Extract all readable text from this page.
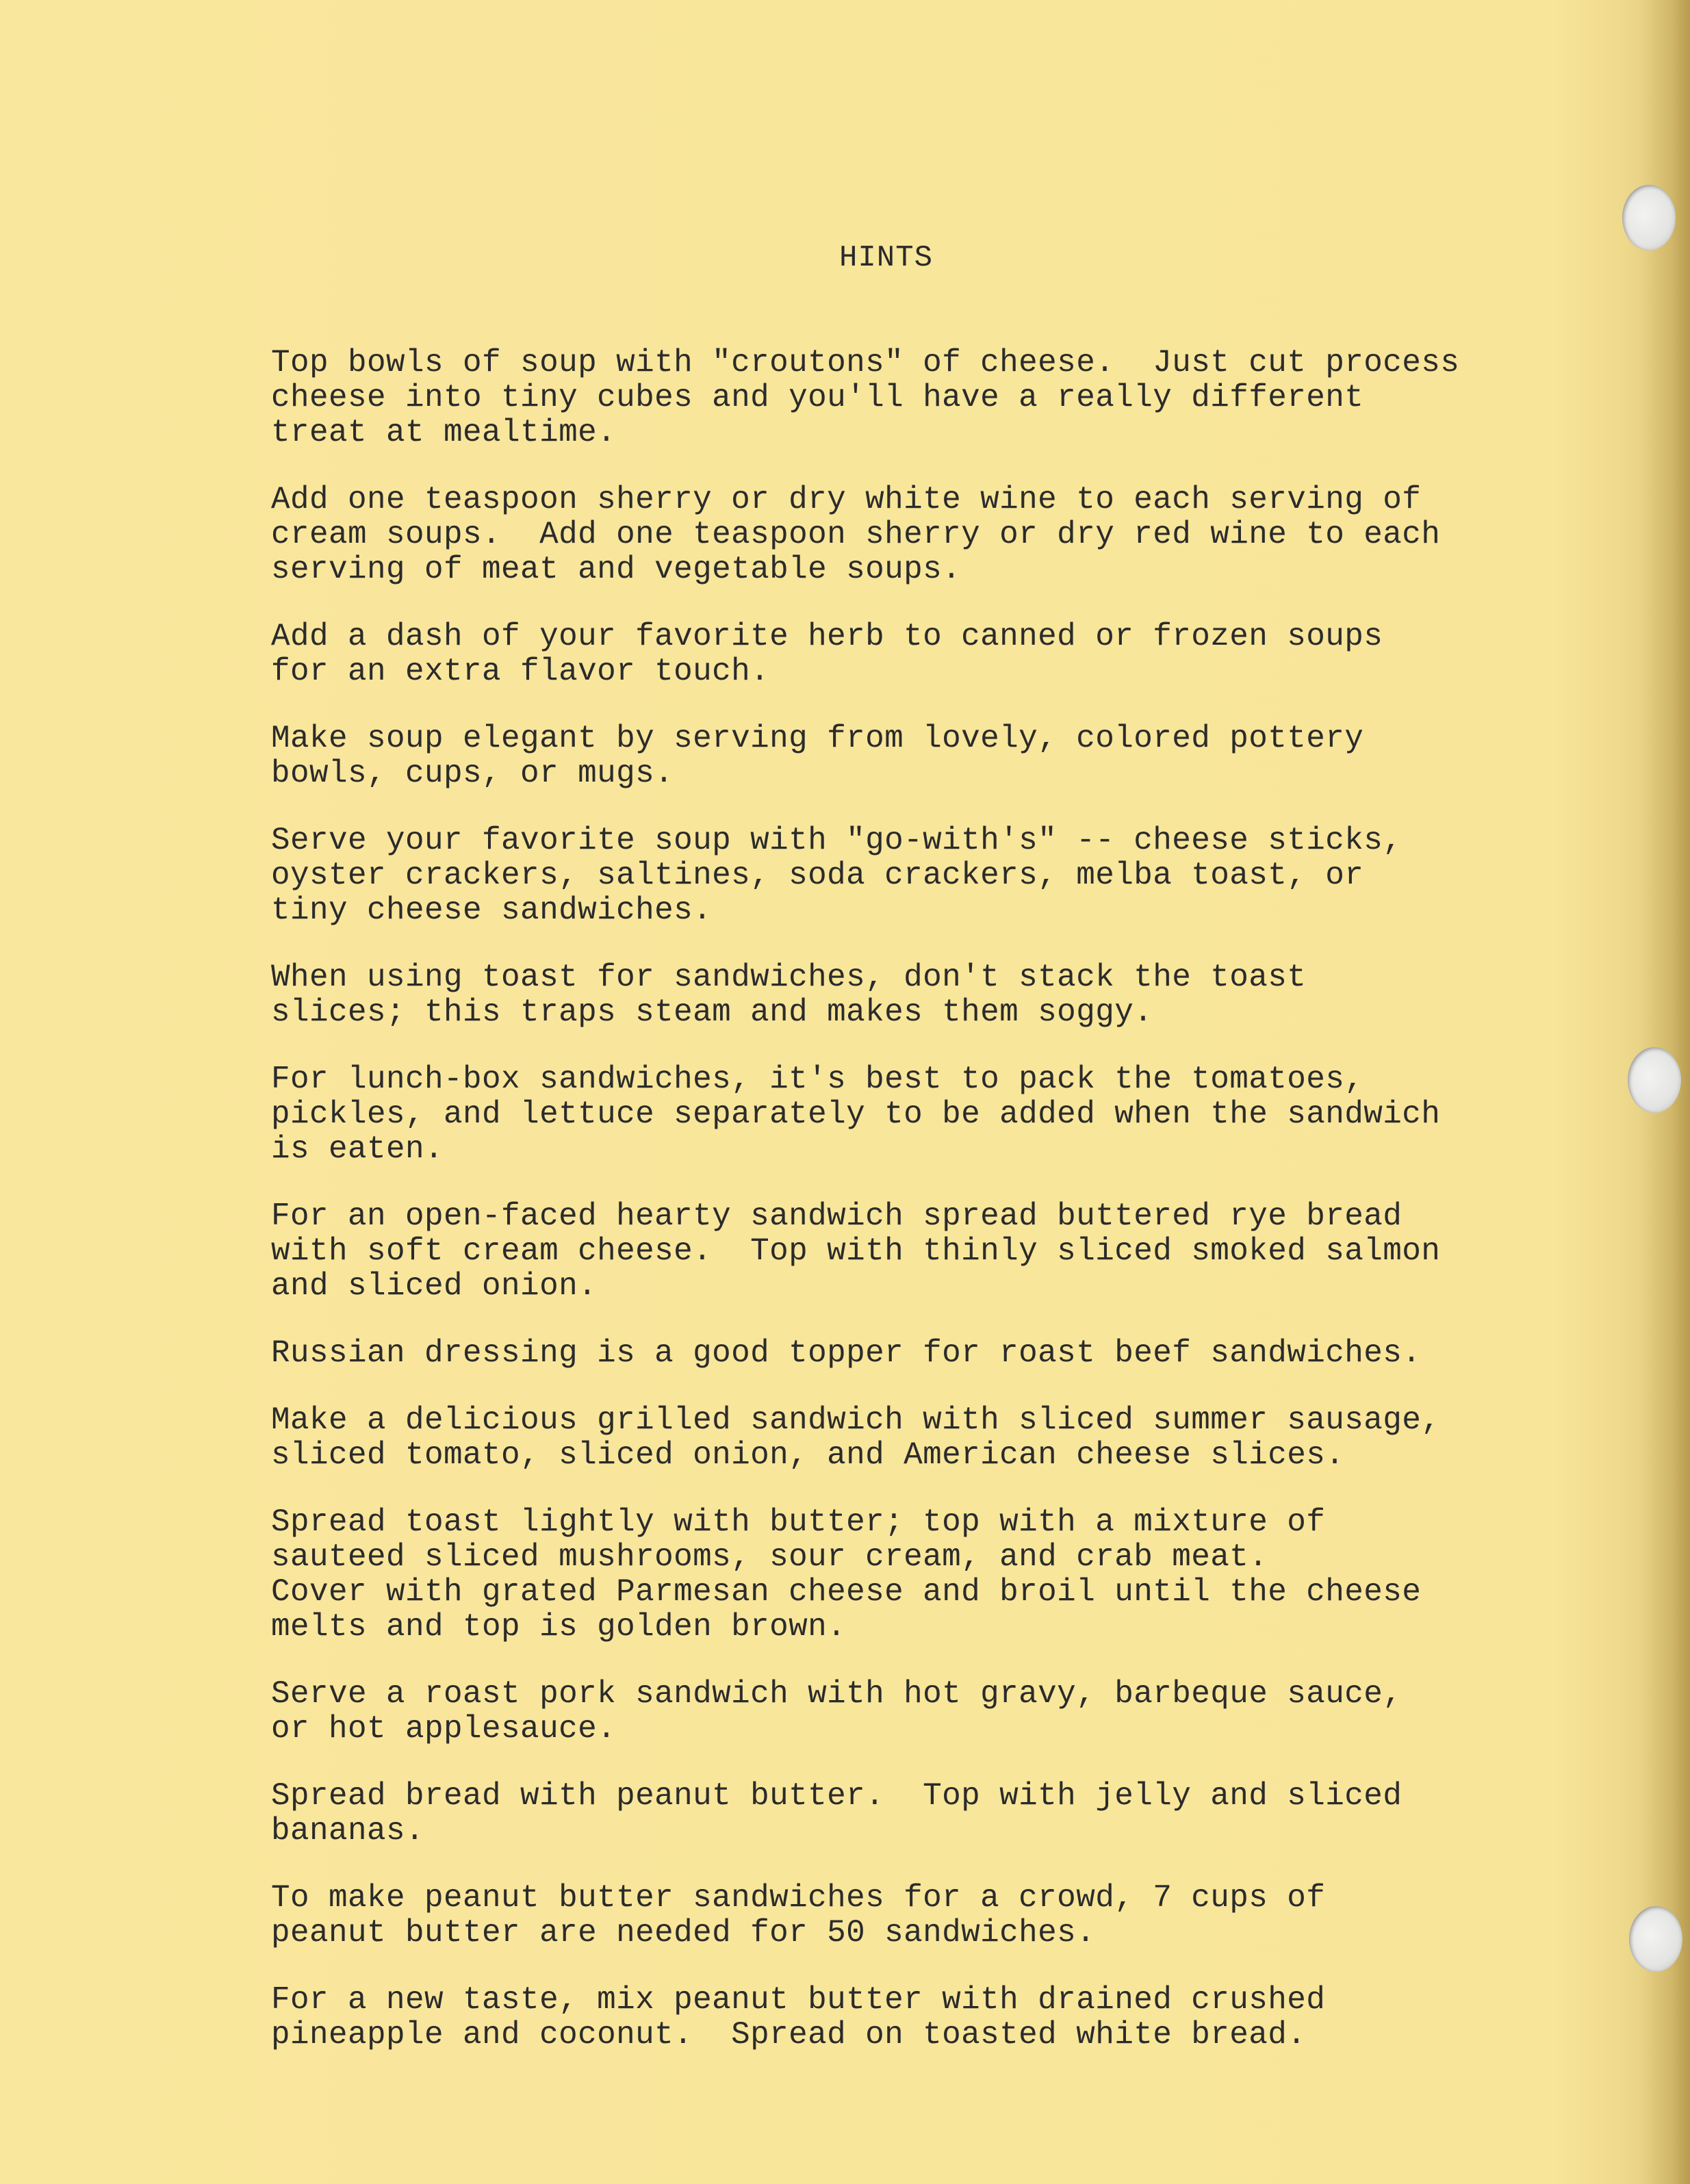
HINTS
Top bowls of soup with "croutons" of cheese.  Just cut process
cheese into tiny cubes and you'll have a really different
treat at mealtime.
Add one teaspoon sherry or dry white wine to each serving of
cream soups.  Add one teaspoon sherry or dry red wine to each
serving of meat and vegetable soups.
Add a dash of your favorite herb to canned or frozen soups
for an extra flavor touch.
Make soup elegant by serving from lovely, colored pottery
bowls, cups, or mugs.
Serve your favorite soup with "go-with's" -- cheese sticks,
oyster crackers, saltines, soda crackers, melba toast, or
tiny cheese sandwiches.
When using toast for sandwiches, don't stack the toast
slices; this traps steam and makes them soggy.
For lunch-box sandwiches, it's best to pack the tomatoes,
pickles, and lettuce separately to be added when the sandwich
is eaten.
For an open-faced hearty sandwich spread buttered rye bread
with soft cream cheese.  Top with thinly sliced smoked salmon
and sliced onion.
Russian dressing is a good topper for roast beef sandwiches.
Make a delicious grilled sandwich with sliced summer sausage,
sliced tomato, sliced onion, and American cheese slices.
Spread toast lightly with butter; top with a mixture of
sauteed sliced mushrooms, sour cream, and crab meat.
Cover with grated Parmesan cheese and broil until the cheese
melts and top is golden brown.
Serve a roast pork sandwich with hot gravy, barbeque sauce,
or hot applesauce.
Spread bread with peanut butter.  Top with jelly and sliced
bananas.
To make peanut butter sandwiches for a crowd, 7 cups of
peanut butter are needed for 50 sandwiches.
For a new taste, mix peanut butter with drained crushed
pineapple and coconut.  Spread on toasted white bread.
